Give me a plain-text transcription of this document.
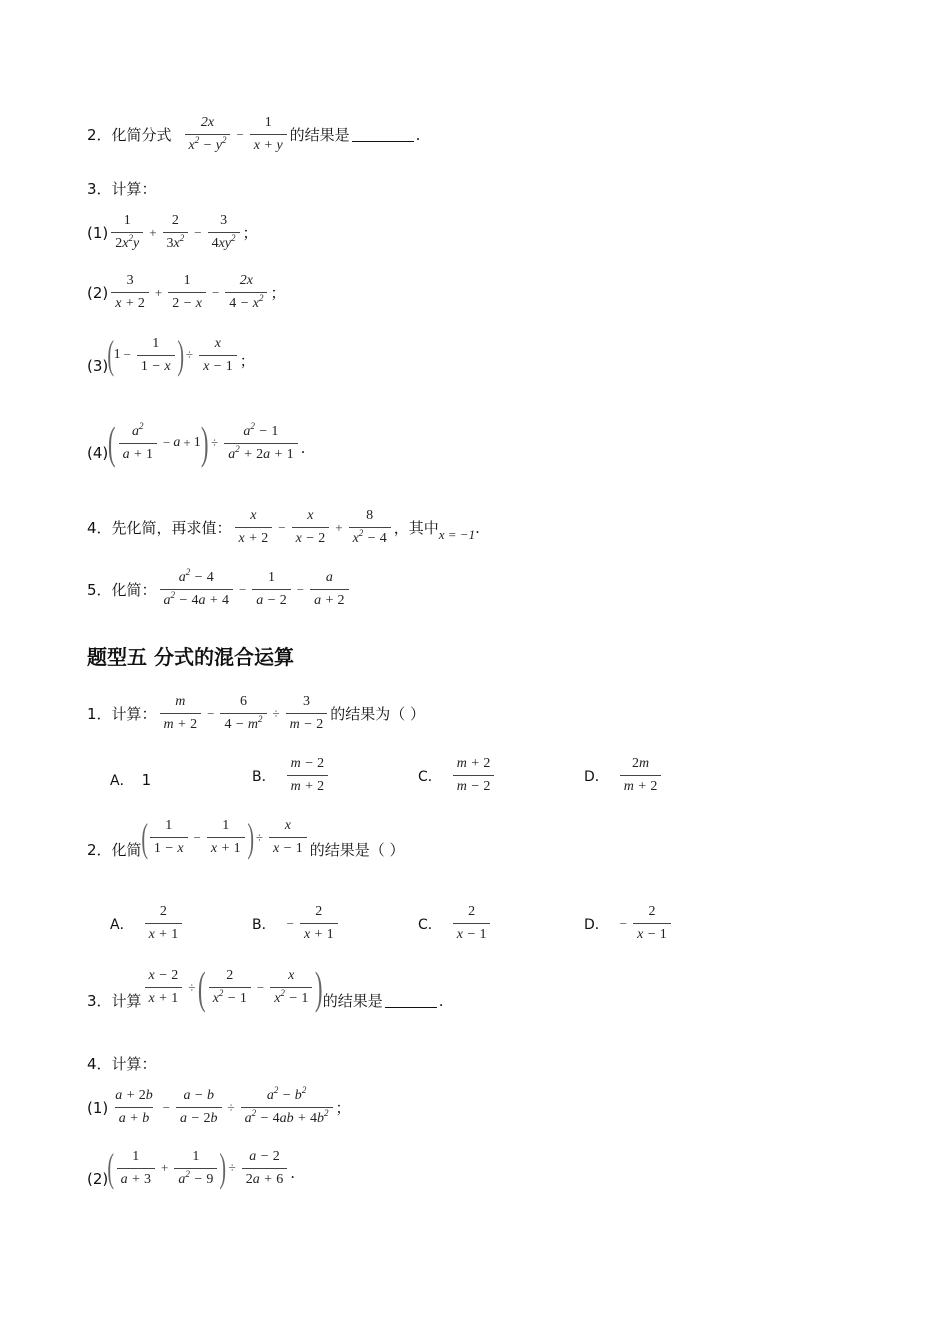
2．化简分式 $\frac{2x}{x^2 - y^2} - \frac{1}{x + y}$ 的结果是	.
3．计算：
$(1) \frac{1}{2x^2y} + \frac{2}{3x^2} - \frac{3}{4xy^2}$ ；
$(2) \frac{3}{x + 2} + \frac{1}{2 - x} - \frac{2x}{4 - x^2}$ ；
(3) ( $1 - \frac{1}{1 - x}$ ) ÷ $\frac{x}{x - 1}$ ；
(4) ( $\frac{a^2}{a + 1} - a + 1$ ) ÷ $\frac{a^2 - 1}{a^2 + 2a + 1}$ .
4．先化简，再求值： $\frac{x}{x + 2} - \frac{x}{x - 2} + \frac{8}{x^2 - 4}$ ，其中 x = −1 .
5．化简： $\frac{a^2 - 4}{a^2 - 4a + 4} - \frac{1}{a - 2} - \frac{a}{a + 2}$
题型五 分式的混合运算
1．计算： $\frac{m}{m + 2} - \frac{6}{4 - m^2} \div \frac{3}{m - 2}$ 的结果为（ ）
A． 1	B． $\frac{m - 2}{m + 2}$	C． $\frac{m + 2}{m - 2}$	D． $\frac{2m}{m + 2}$
2．化简 ( $\frac{1}{1 - x} - \frac{1}{x + 1}$ ) ÷ $\frac{x}{x - 1}$ 的结果是（ ）
A． $\frac{2}{x + 1}$	B． − $\frac{2}{x + 1}$	C． $\frac{2}{x - 1}$	D． − $\frac{2}{x - 1}$
3．计算 $\frac{x - 2}{x + 1}$ ÷ ( $\frac{2}{x^2 - 1} - \frac{x}{x^2 - 1}$ ) 的结果是	.
4．计算：
$(1) \frac{a + 2b}{a + b} - \frac{a - b}{a - 2b} \div \frac{a^2 - b^2}{a^2 - 4ab + 4b^2}$ ；
(2) ( $\frac{1}{a + 3} + \frac{1}{a^2 - 9}$ ) ÷ $\frac{a - 2}{2a + 6}$ .
